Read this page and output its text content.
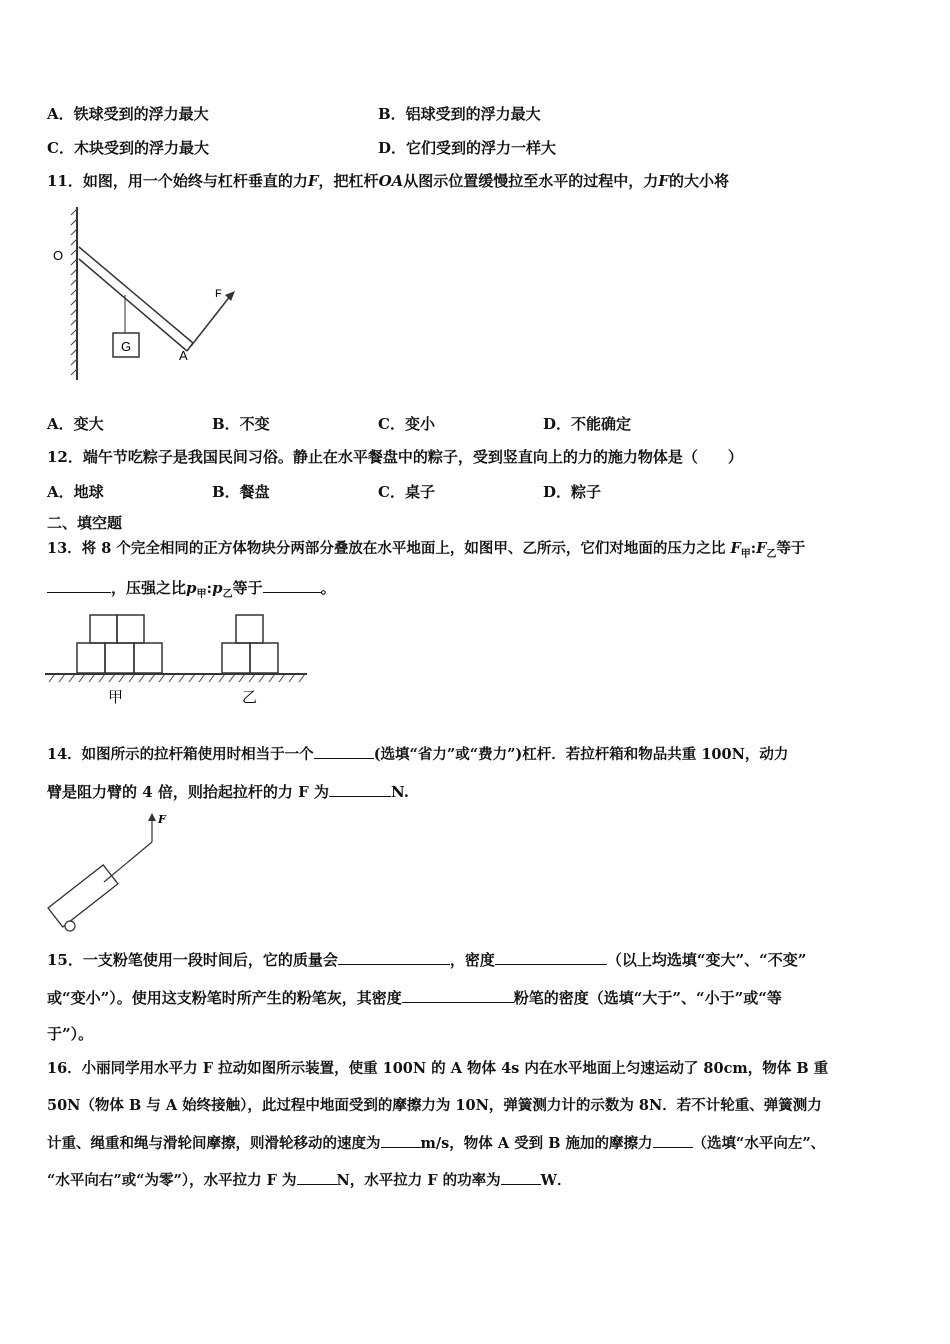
A．铁球受到的浮力最大	B．铝球受到的浮力最大
C．木块受到的浮力最大	D．它们受到的浮力一样大
11．如图，用一个始终与杠杆垂直的力F，把杠杆OA从图示位置缓慢拉至水平的过程中，力F的大小将
O
G
A
F
A．变大	B．不变	C．变小	D．不能确定
12．端午节吃粽子是我国民间习俗。静止在水平餐盘中的粽子，受到竖直向上的力的施力物体是（　　）
A．地球	B．餐盘	C．桌子	D．粽子
二、填空题
13．将 8 个完全相同的正方体物块分两部分叠放在水平地面上，如图甲、乙所示，它们对地面的压力之比 $F_甲:F_乙$等于
，压强之比$p_甲:p_乙$等于	。
甲	乙
14．如图所示的拉杆箱使用时相当于一个	(选填“省力”或“费力”)杠杆．若拉杆箱和物品共重 100N，动力
臂是阻力臂的 4 倍，则抬起拉杆的力 F 为	N.
F
15．一支粉笔使用一段时间后，它的质量会	，密度	（以上均选填“变大”、“不变”
或“变小”）。使用这支粉笔时所产生的粉笔灰，其密度	粉笔的密度（选填“大于”、“小于”或“等
于”）。
16．小丽同学用水平力 F 拉动如图所示装置，使重 100N 的 A 物体 4s 内在水平地面上匀速运动了 80cm，物体 B 重
50N（物体 B 与 A 始终接触），此过程中地面受到的摩擦力为 10N，弹簧测力计的示数为 8N．若不计轮重、弹簧测力
计重、绳重和绳与滑轮间摩擦，则滑轮移动的速度为	m/s，物体 A 受到 B 施加的摩擦力	（选填“水平向左”、
“水平向右”或“为零”），水平拉力 F 为	N，水平拉力 F 的功率为	W．
